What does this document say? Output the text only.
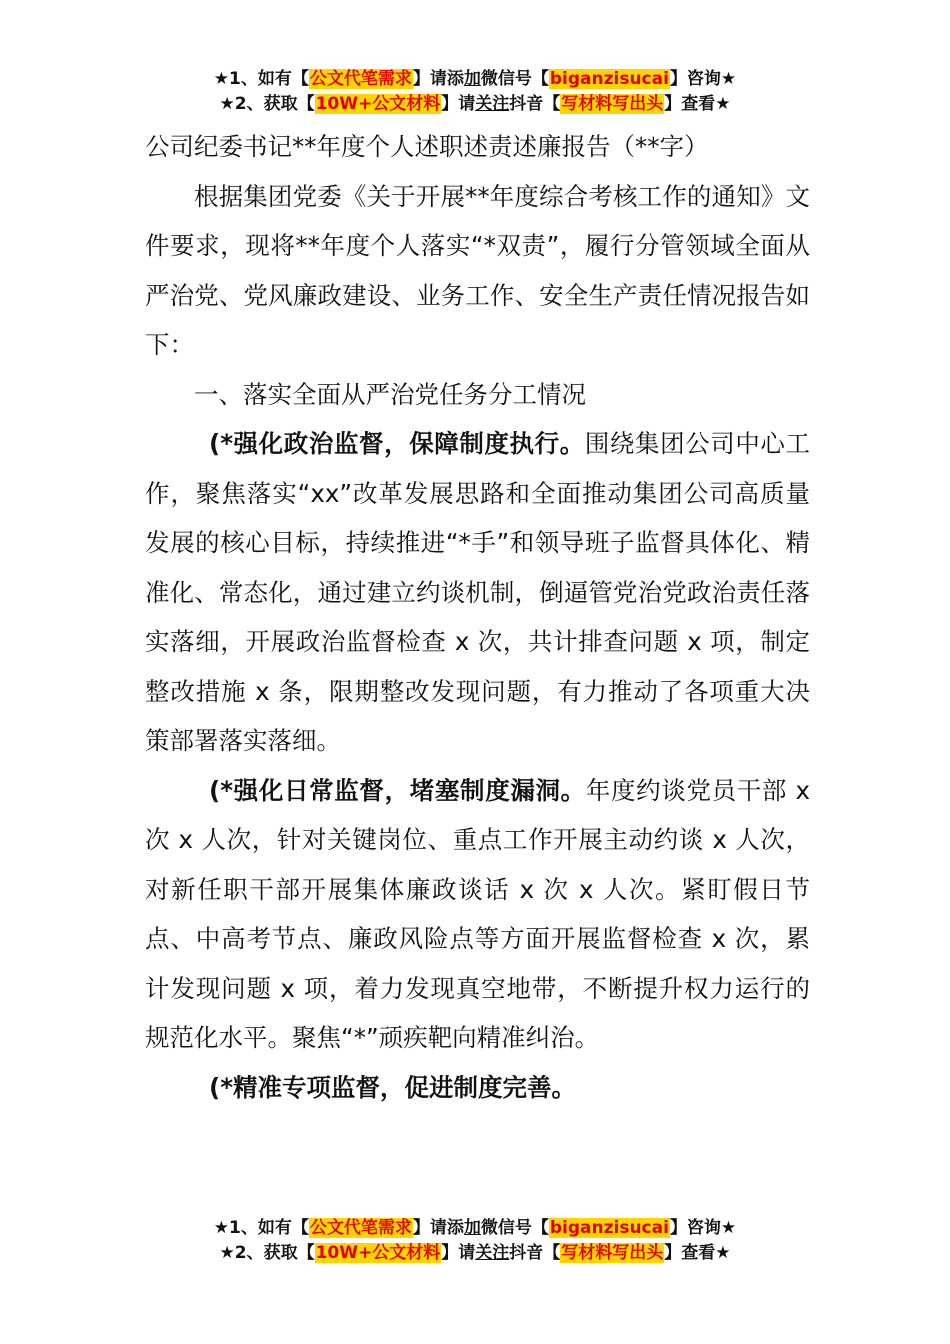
★1、如有【公文代笔需求】请添加微信号【biganzisucai】咨询★
★2、获取【10W+公文材料】请关注抖音【写材料写出头】查看★

公司纪委书记**年度个人述职述责述廉报告（**字）

根据集团党委《关于开展**年度综合考核工作的通知》文件要求，现将**年度个人落实“*双责”，履行分管领域全面从严治党、党风廉政建设、业务工作、安全生产责任情况报告如下：

一、落实全面从严治党任务分工情况

(*强化政治监督，保障制度执行。围绕集团公司中心工作，聚焦落实“xx”改革发展思路和全面推动集团公司高质量发展的核心目标，持续推进“*手”和领导班子监督具体化、精准化、常态化，通过建立约谈机制，倒逼管党治党政治责任落实落细，开展政治监督检查 x 次，共计排查问题 x 项，制定整改措施 x 条，限期整改发现问题，有力推动了各项重大决策部署落实落细。

(*强化日常监督，堵塞制度漏洞。年度约谈党员干部 x 次 x 人次，针对关键岗位、重点工作开展主动约谈 x 人次，对新任职干部开展集体廉政谈话 x 次 x 人次。紧盯假日节点、中高考节点、廉政风险点等方面开展监督检查 x 次，累计发现问题 x 项，着力发现真空地带，不断提升权力运行的规范化水平。聚焦“*”顽疾靶向精准纠治。

(*精准专项监督，促进制度完善。

★1、如有【公文代笔需求】请添加微信号【biganzisucai】咨询★
★2、获取【10W+公文材料】请关注抖音【写材料写出头】查看★
